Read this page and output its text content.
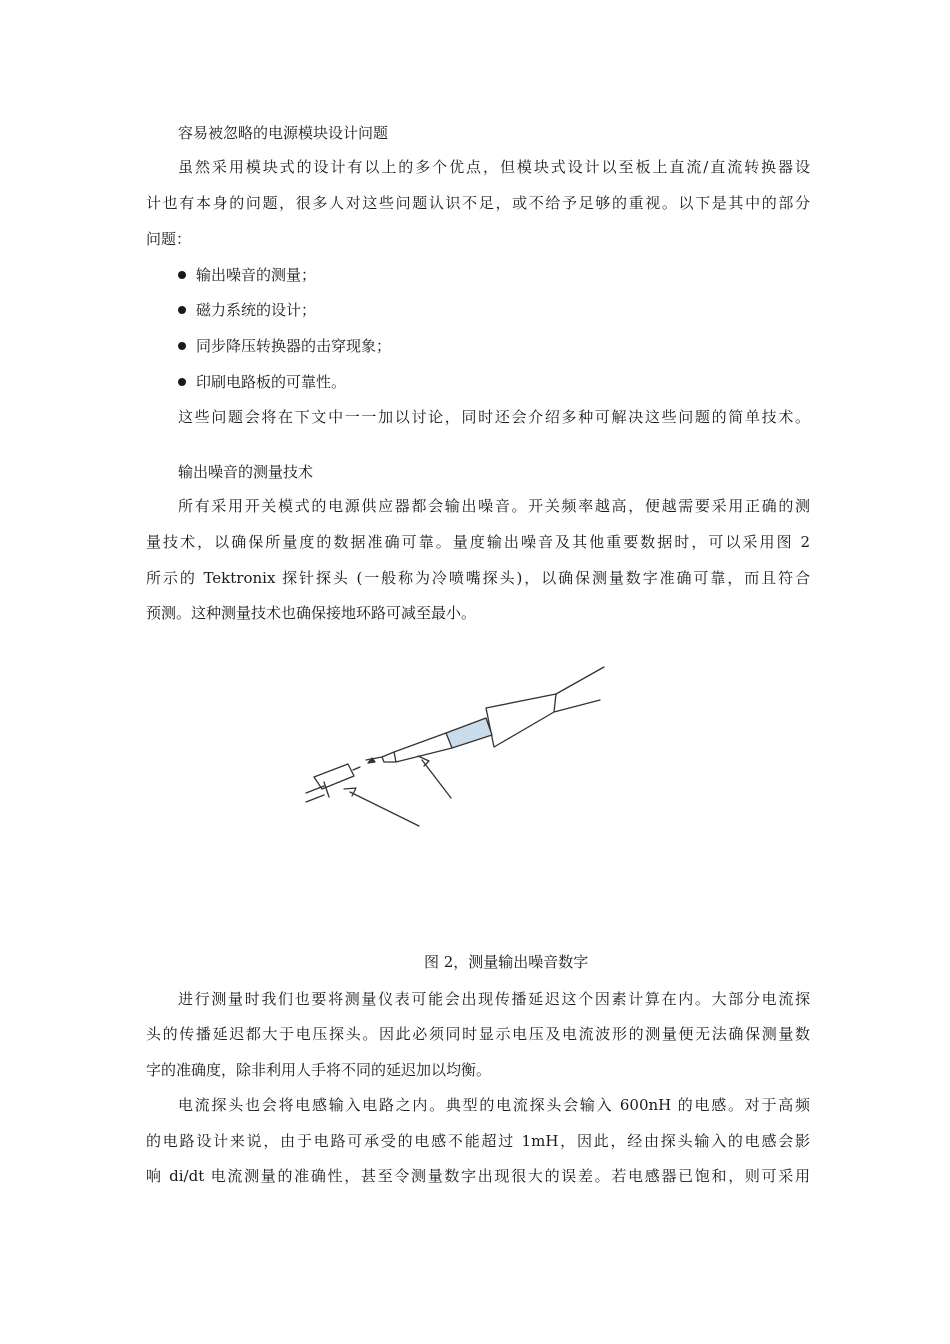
容易被忽略的电源模块设计问题
虽然采用模块式的设计有以上的多个优点，但模块式设计以至板上直流/直流转换器设
计也有本身的问题，很多人对这些问题认识不足，或不给予足够的重视。以下是其中的部分
问题：
输出噪音的测量；
磁力系统的设计；
同步降压转换器的击穿现象；
印刷电路板的可靠性。
这些问题会将在下文中一一加以讨论，同时还会介绍多种可解决这些问题的简单技术。
输出噪音的测量技术
所有采用开关模式的电源供应器都会输出噪音。开关频率越高，便越需要采用正确的测
量技术，以确保所量度的数据准确可靠。量度输出噪音及其他重要数据时，可以采用图 2
所示的 Tektronix 探针探头 (一般称为冷喷嘴探头)，以确保测量数字准确可靠，而且符合
预测。这种测量技术也确保接地环路可减至最小。
图 2，测量输出噪音数字
进行测量时我们也要将测量仪表可能会出现传播延迟这个因素计算在内。大部分电流探
头的传播延迟都大于电压探头。因此必须同时显示电压及电流波形的测量便无法确保测量数
字的准确度，除非利用人手将不同的延迟加以均衡。
电流探头也会将电感输入电路之内。典型的电流探头会输入 600nH 的电感。对于高频
的电路设计来说，由于电路可承受的电感不能超过 1mH，因此，经由探头输入的电感会影
响 di/dt 电流测量的准确性，甚至令测量数字出现很大的误差。若电感器已饱和，则可采用
